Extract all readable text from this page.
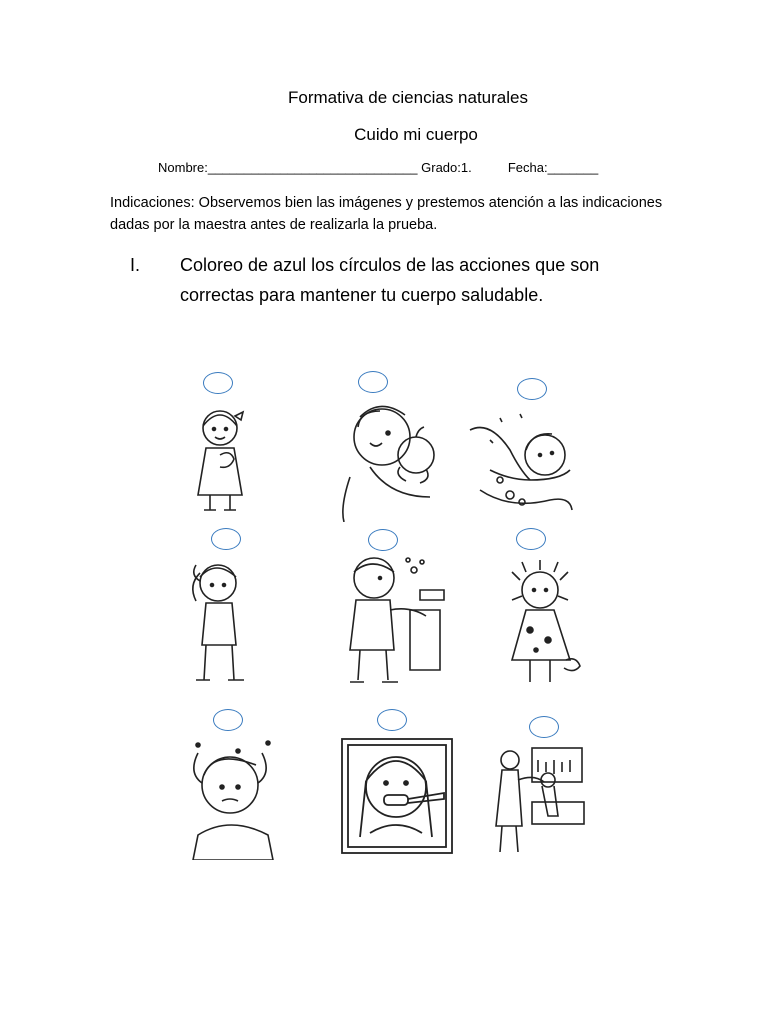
Formativa de ciencias naturales
Cuido mi cuerpo
Nombre:_____________________________ Grado:1.          Fecha:_______
Indicaciones: Observemos bien las imágenes y prestemos atención a las indicaciones dadas por la maestra antes de realizarla la prueba.
I. Coloreo de azul los círculos de las acciones que son correctas para mantener tu cuerpo saludable.
